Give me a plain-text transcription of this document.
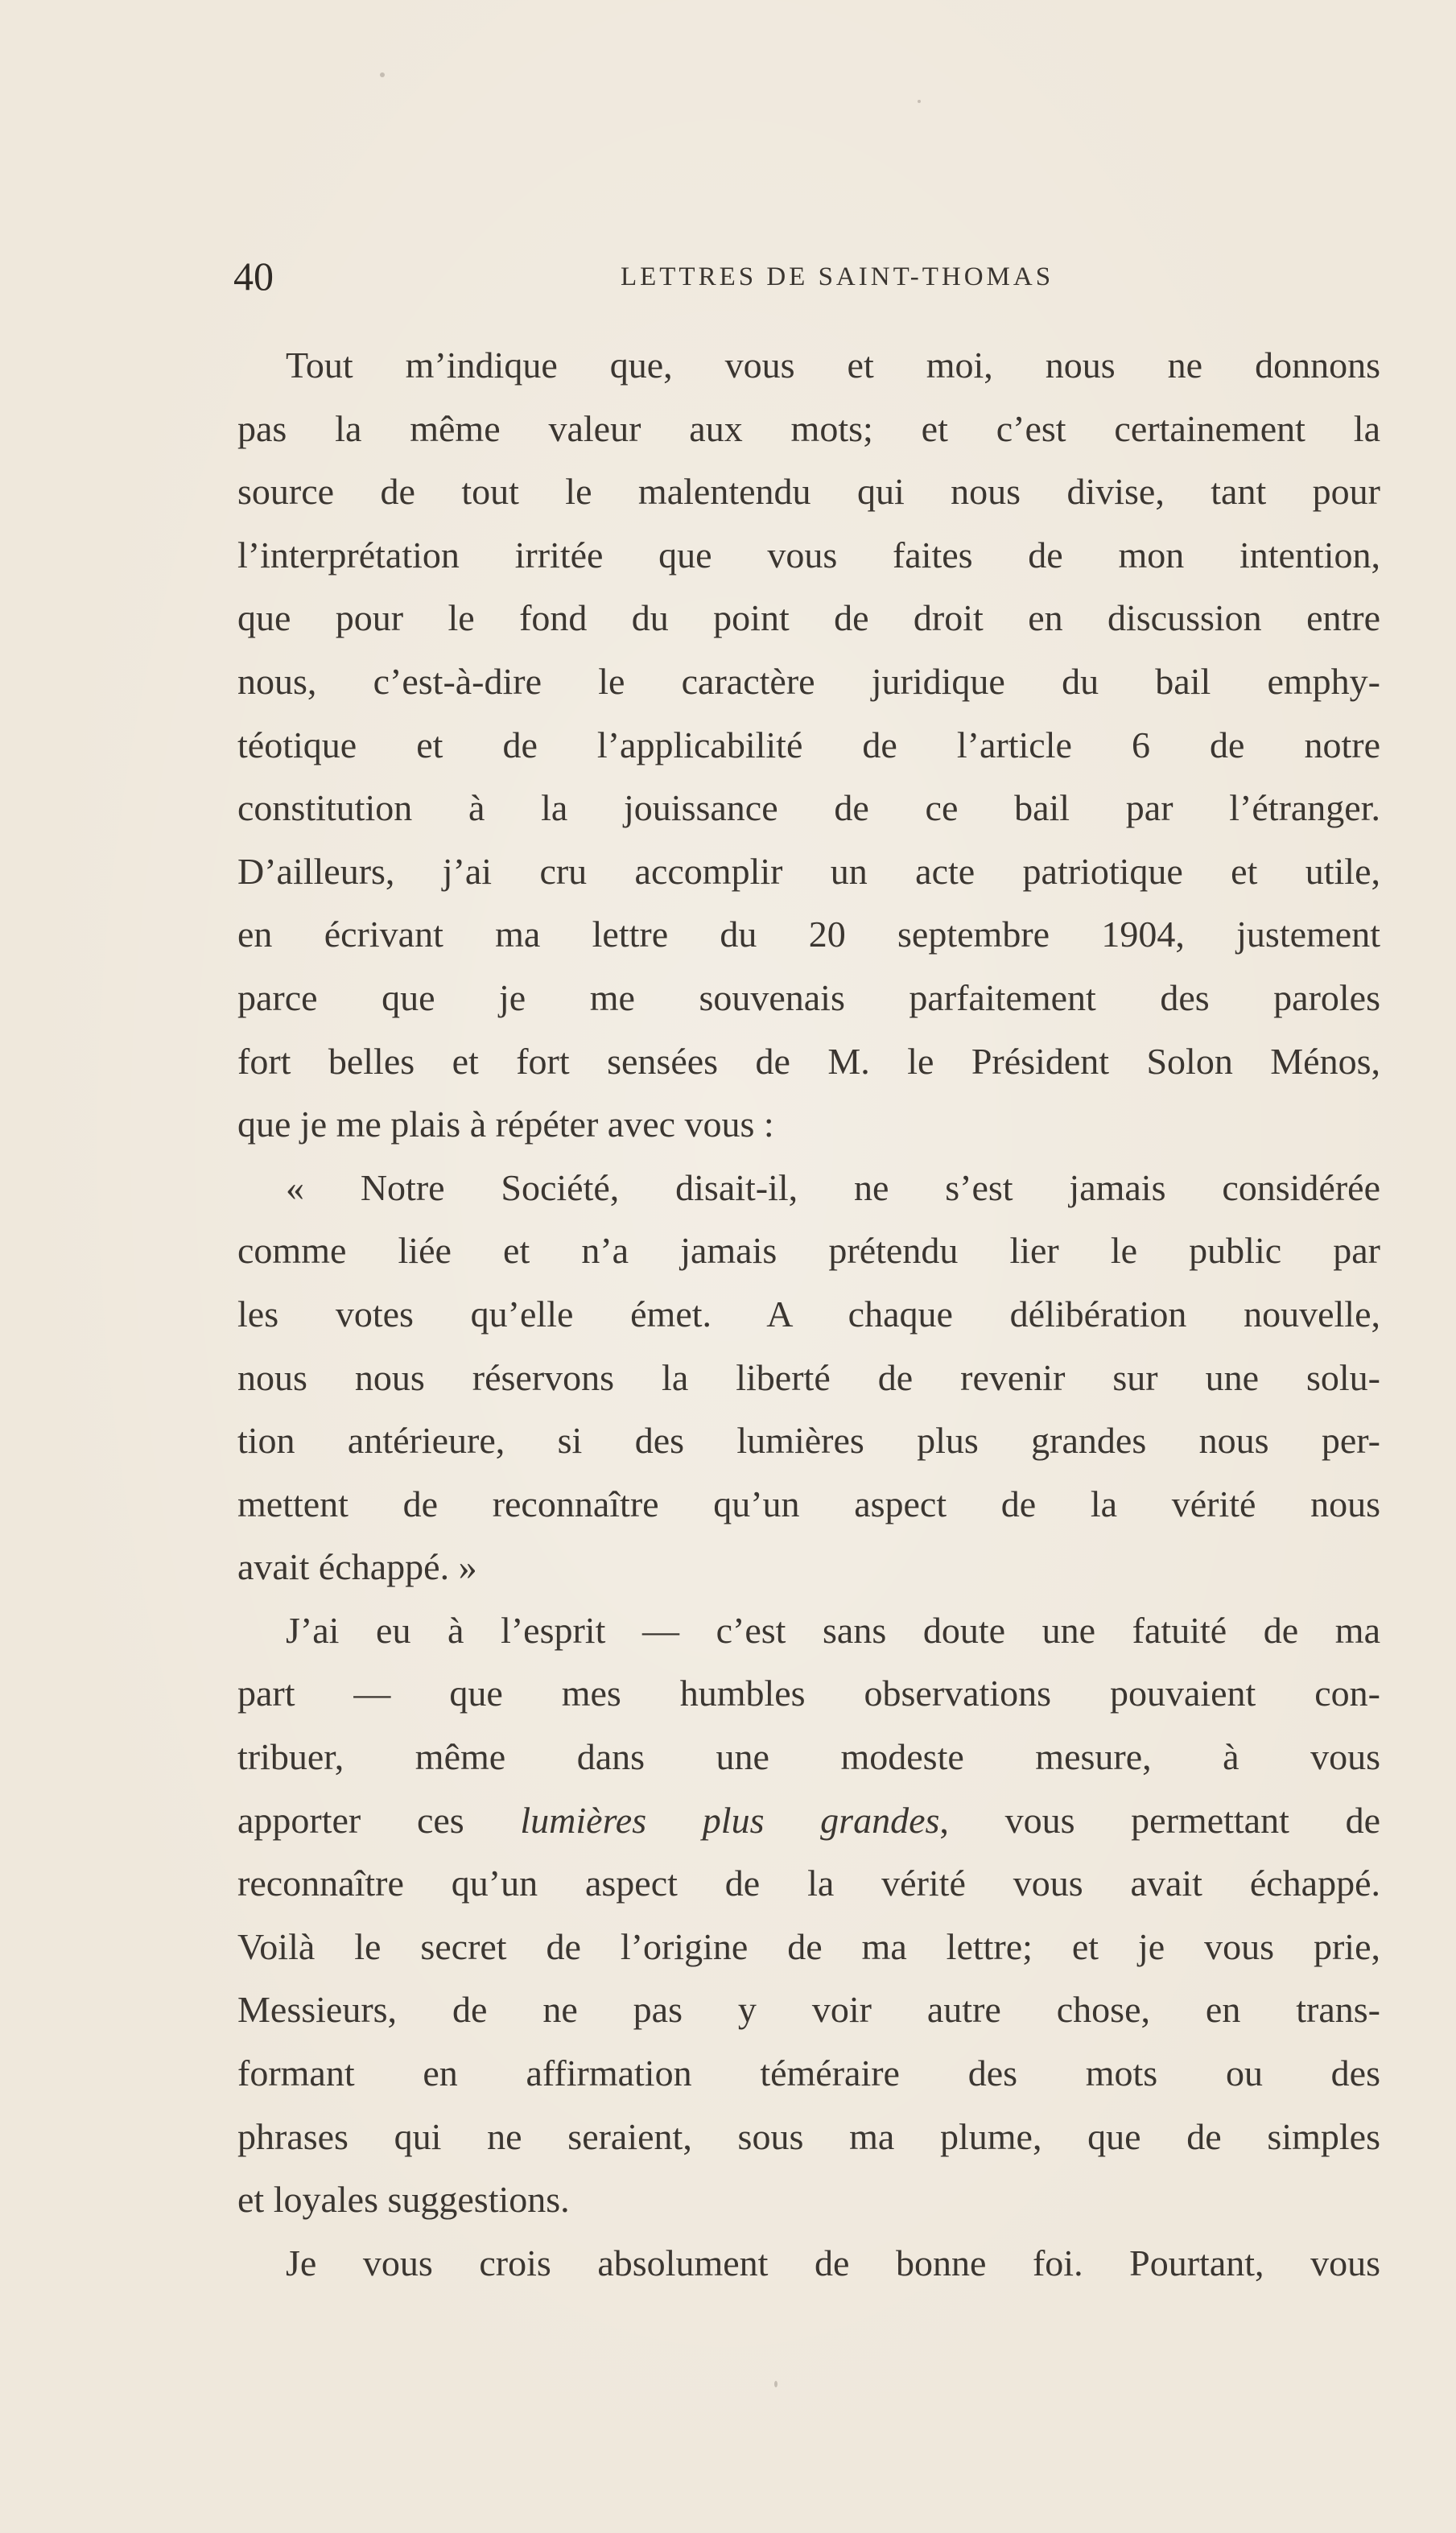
40	LETTRES DE SAINT-THOMAS
Tout m’indique que, vous et moi, nous ne donnons
pas la même valeur aux mots; et c’est certainement la
source de tout le malentendu qui nous divise, tant pour
l’interprétation irritée que vous faites de mon intention,
que pour le fond du point de droit en discussion entre
nous, c’est-à-dire le caractère juridique du bail emphy-
téotique et de l’applicabilité de l’article 6 de notre
constitution à la jouissance de ce bail par l’étranger.
D’ailleurs, j’ai cru accomplir un acte patriotique et utile,
en écrivant ma lettre du 20 septembre 1904, justement
parce que je me souvenais parfaitement des paroles
fort belles et fort sensées de M. le Président Solon Ménos,
que je me plais à répéter avec vous :
« Notre Société, disait-il, ne s’est jamais considérée
comme liée et n’a jamais prétendu lier le public par
les votes qu’elle émet. A chaque délibération nouvelle,
nous nous réservons la liberté de revenir sur une solu-
tion antérieure, si des lumières plus grandes nous per-
mettent de reconnaître qu’un aspect de la vérité nous
avait échappé. »
J’ai eu à l’esprit — c’est sans doute une fatuité de ma
part — que mes humbles observations pouvaient con-
tribuer, même dans une modeste mesure, à vous
apporter ces lumières plus grandes, vous permettant de
reconnaître qu’un aspect de la vérité vous avait échappé.
Voilà le secret de l’origine de ma lettre; et je vous prie,
Messieurs, de ne pas y voir autre chose, en trans-
formant en affirmation téméraire des mots ou des
phrases qui ne seraient, sous ma plume, que de simples
et loyales suggestions.
Je vous crois absolument de bonne foi. Pourtant, vous
